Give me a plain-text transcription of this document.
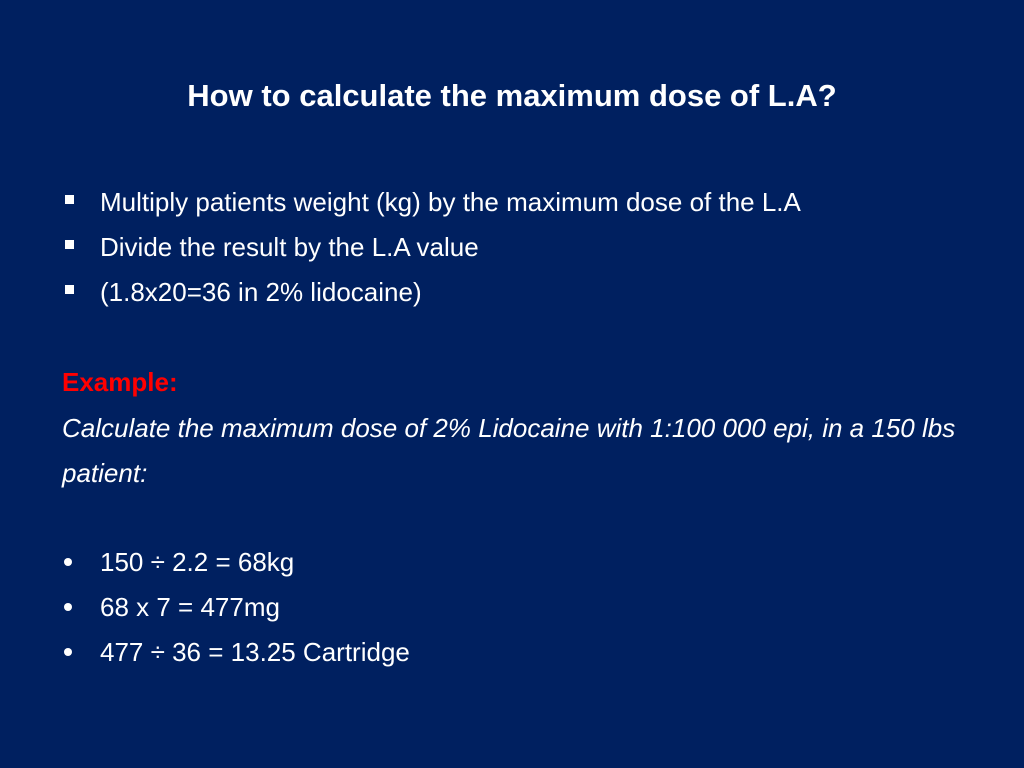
How to calculate the maximum dose of L.A?
Multiply patients weight (kg) by the maximum dose of the L.A
Divide the result by the L.A value
(1.8x20=36 in 2% lidocaine)
Example:
Calculate the maximum dose of 2% Lidocaine with 1:100 000 epi, in a 150 lbs patient:
150 ÷ 2.2 = 68kg
68 x 7 = 477mg
477 ÷ 36 = 13.25 Cartridge
